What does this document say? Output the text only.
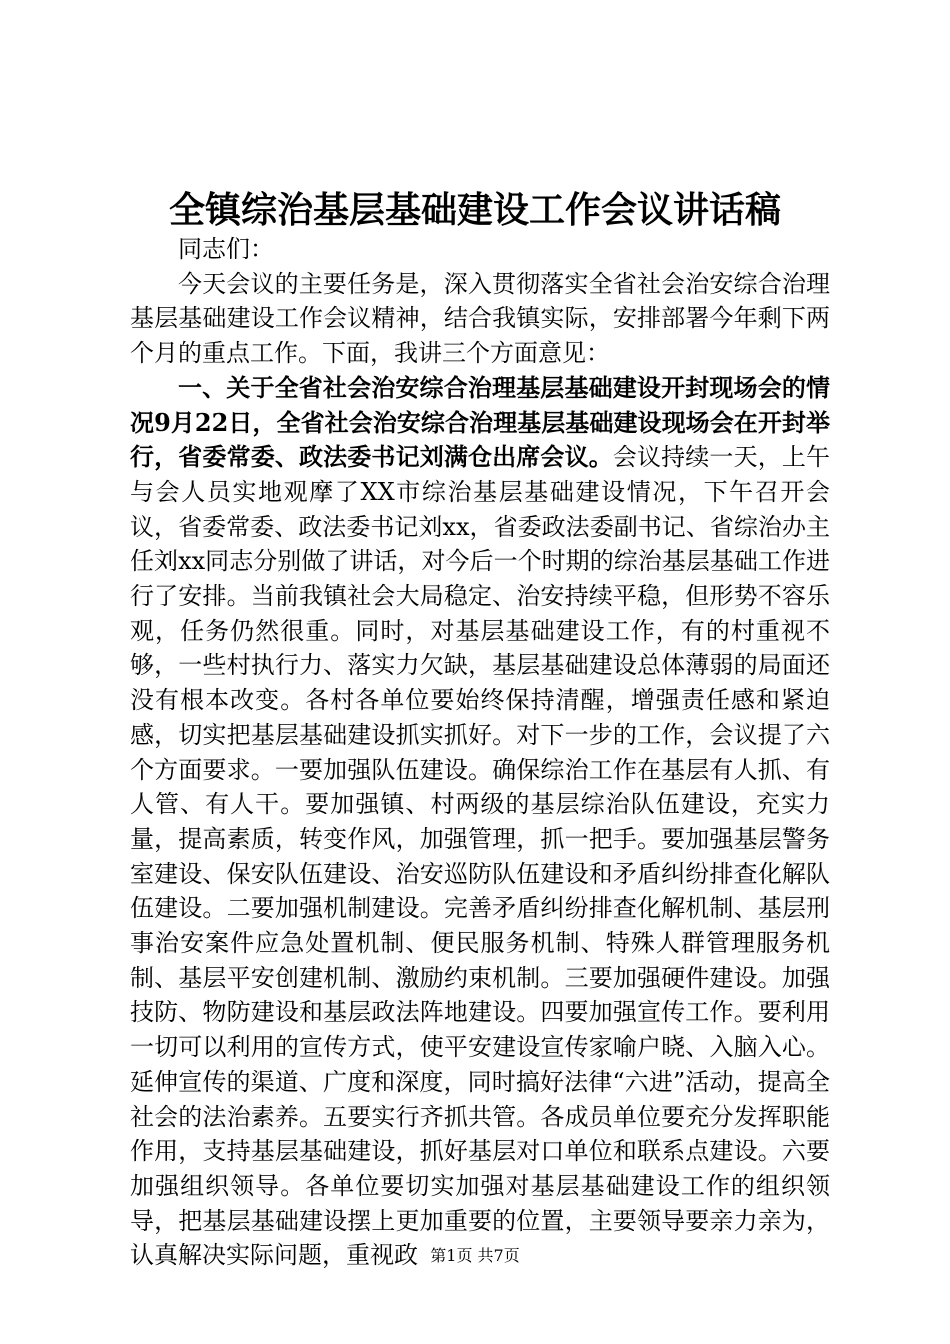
全镇综治基层基础建设工作会议讲话稿

同志们：

今天会议的主要任务是，深入贯彻落实全省社会治安综合治理基层基础建设工作会议精神，结合我镇实际，安排部署今年剩下两个月的重点工作。下面，我讲三个方面意见：

一、关于全省社会治安综合治理基层基础建设开封现场会的情况9月22日，全省社会治安综合治理基层基础建设现场会在开封举行，省委常委、政法委书记刘满仓出席会议。会议持续一天，上午与会人员实地观摩了XX市综治基层基础建设情况，下午召开会议，省委常委、政法委书记刘xx，省委政法委副书记、省综治办主任刘xx同志分别做了讲话，对今后一个时期的综治基层基础工作进行了安排。当前我镇社会大局稳定、治安持续平稳，但形势不容乐观，任务仍然很重。同时，对基层基础建设工作，有的村重视不够，一些村执行力、落实力欠缺，基层基础建设总体薄弱的局面还没有根本改变。各村各单位要始终保持清醒，增强责任感和紧迫感，切实把基层基础建设抓实抓好。对下一步的工作，会议提了六个方面要求。一要加强队伍建设。确保综治工作在基层有人抓、有人管、有人干。要加强镇、村两级的基层综治队伍建设，充实力量，提高素质，转变作风，加强管理，抓一把手。要加强基层警务室建设、保安队伍建设、治安巡防队伍建设和矛盾纠纷排查化解队伍建设。二要加强机制建设。完善矛盾纠纷排查化解机制、基层刑事治安案件应急处置机制、便民服务机制、特殊人群管理服务机制、基层平安创建机制、激励约束机制。三要加强硬件建设。加强技防、物防建设和基层政法阵地建设。四要加强宣传工作。要利用一切可以利用的宣传方式，使平安建设宣传家喻户晓、入脑入心。延伸宣传的渠道、广度和深度，同时搞好法律“六进”活动，提高全社会的法治素养。五要实行齐抓共管。各成员单位要充分发挥职能作用，支持基层基础建设，抓好基层对口单位和联系点建设。六要加强组织领导。各单位要切实加强对基层基础建设工作的组织领导，把基层基础建设摆上更加重要的位置，主要领导要亲力亲为，认真解决实际问题，重视政 第1页 共7页
